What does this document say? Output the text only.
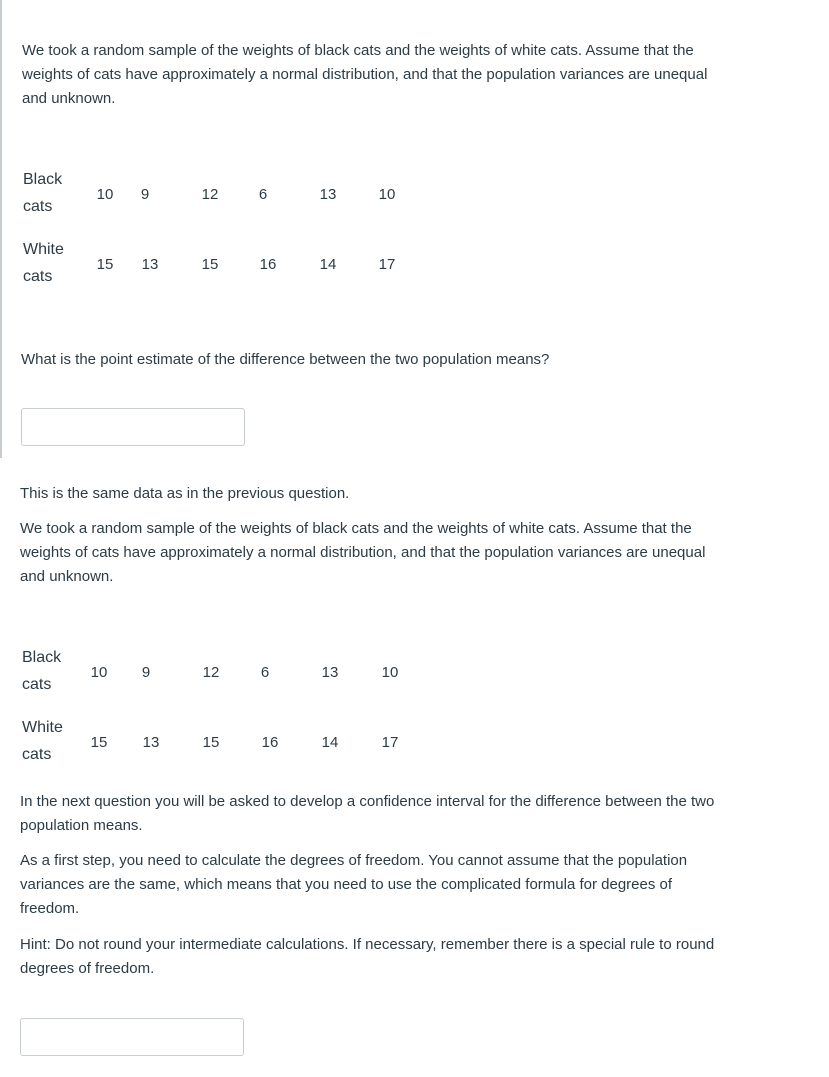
We took a random sample of the weights of black cats and the weights of white cats. Assume that the weights of cats have approximately a normal distribution, and that the population variances are unequal and unknown.

Black
cats
10	9	12	6	13	10
White
cats
15	13	15	16	14	17

What is the point estimate of the difference between the two population means?

This is the same data as in the previous question.

We took a random sample of the weights of black cats and the weights of white cats. Assume that the weights of cats have approximately a normal distribution, and that the population variances are unequal and unknown.

Black
cats
10	9	12	6	13	10
White
cats
15	13	15	16	14	17

In the next question you will be asked to develop a confidence interval for the difference between the two population means.

As a first step, you need to calculate the degrees of freedom. You cannot assume that the population variances are the same, which means that you need to use the complicated formula for degrees of freedom.

Hint: Do not round your intermediate calculations. If necessary, remember there is a special rule to round degrees of freedom.
